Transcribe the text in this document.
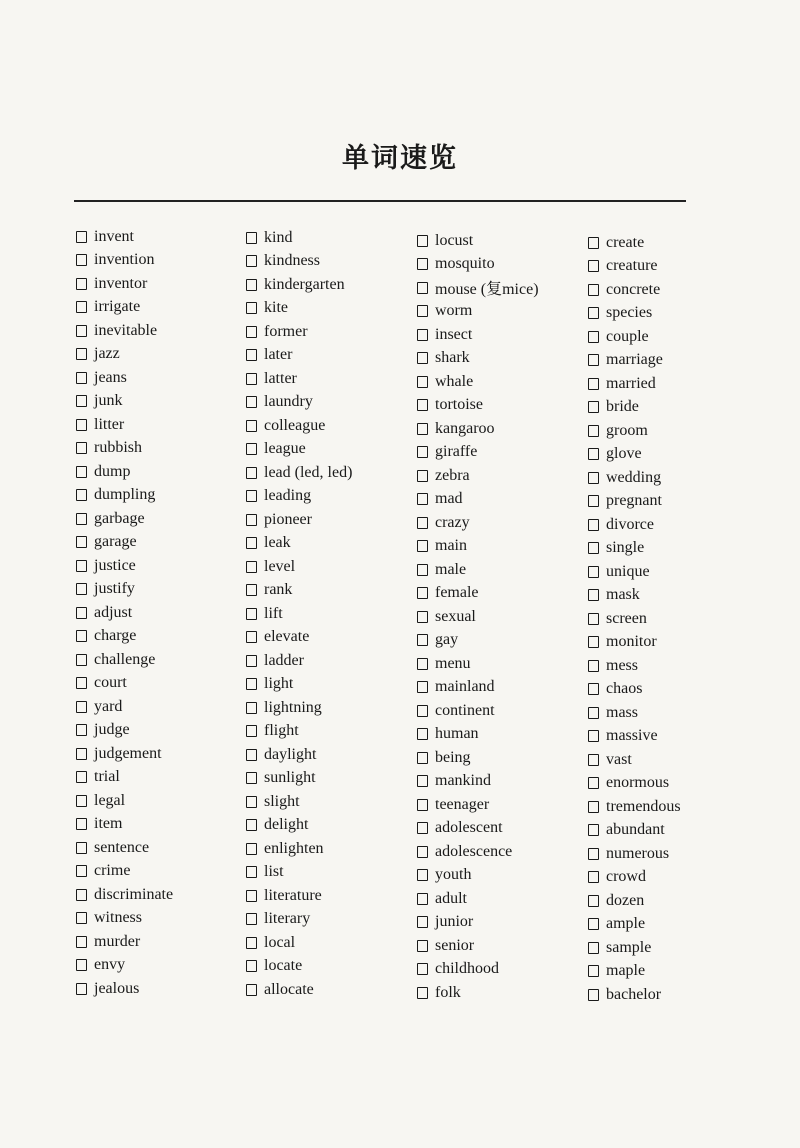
单词速览
invent
invention
inventor
irrigate
inevitable
jazz
jeans
junk
litter
rubbish
dump
dumpling
garbage
garage
justice
justify
adjust
charge
challenge
court
yard
judge
judgement
trial
legal
item
sentence
crime
discriminate
witness
murder
envy
jealous
kind
kindness
kindergarten
kite
former
later
latter
laundry
colleague
league
lead (led, led)
leading
pioneer
leak
level
rank
lift
elevate
ladder
light
lightning
flight
daylight
sunlight
slight
delight
enlighten
list
literature
literary
local
locate
allocate
locust
mosquito
mouse (复mice)
worm
insect
shark
whale
tortoise
kangaroo
giraffe
zebra
mad
crazy
main
male
female
sexual
gay
menu
mainland
continent
human
being
mankind
teenager
adolescent
adolescence
youth
adult
junior
senior
childhood
folk
create
creature
concrete
species
couple
marriage
married
bride
groom
glove
wedding
pregnant
divorce
single
unique
mask
screen
monitor
mess
chaos
mass
massive
vast
enormous
tremendous
abundant
numerous
crowd
dozen
ample
sample
maple
bachelor
